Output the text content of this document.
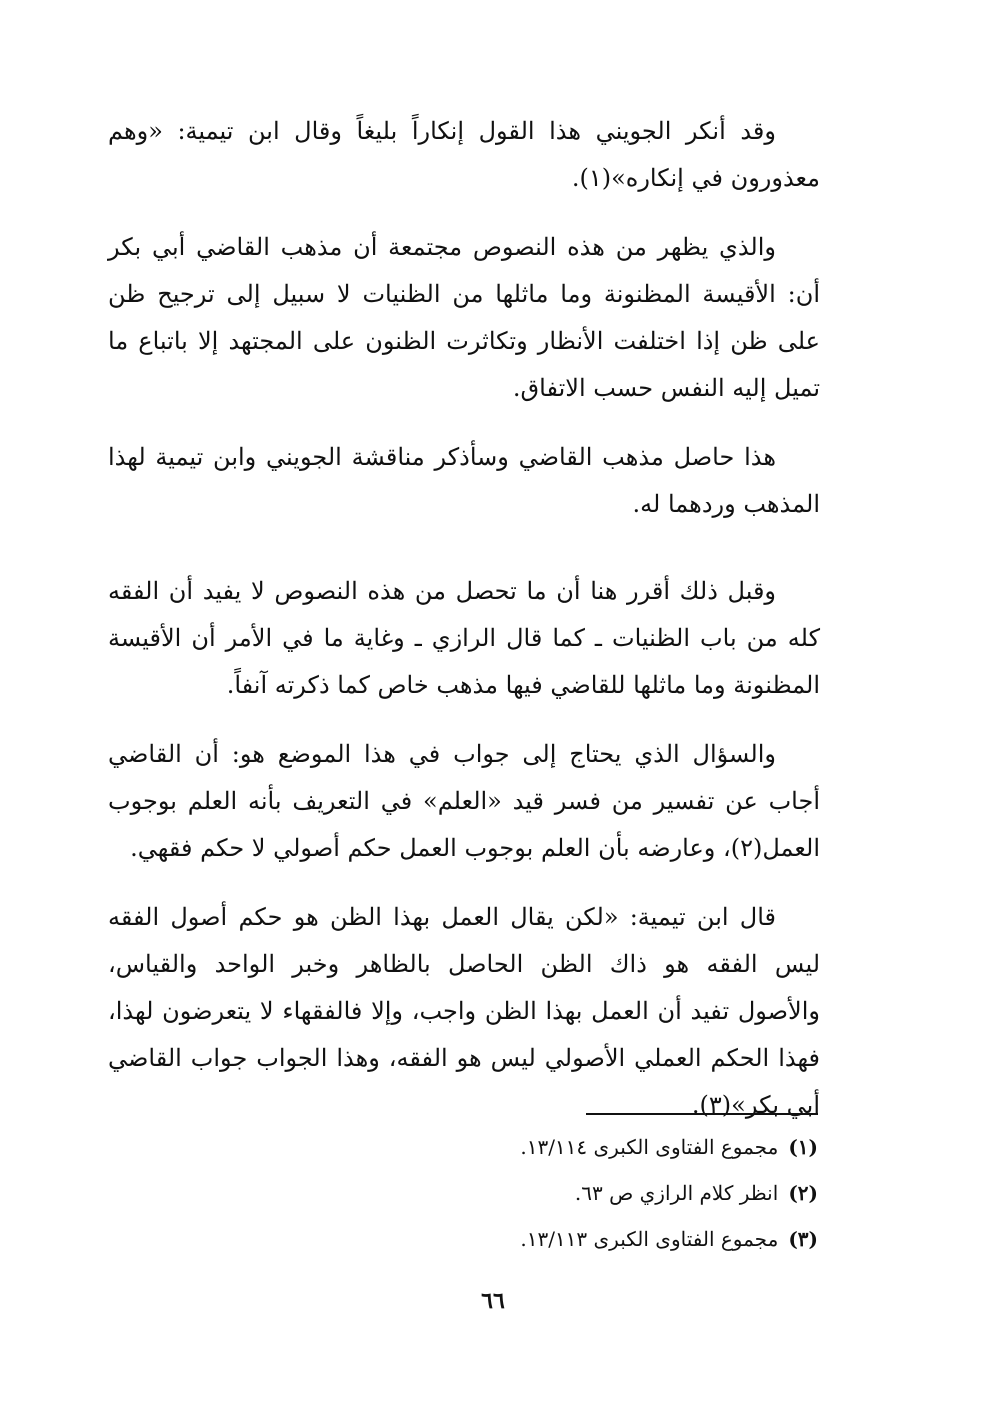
وقد أنكر الجويني هذا القول إنكاراً بليغاً وقال ابن تيمية: «وهم معذورون في إنكاره»(١).

والذي يظهر من هذه النصوص مجتمعة أن مذهب القاضي أبي بكر أن: الأقيسة المظنونة وما ماثلها من الظنيات لا سبيل إلى ترجيح ظن على ظن إذا اختلفت الأنظار وتكاثرت الظنون على المجتهد إلا باتباع ما تميل إليه النفس حسب الاتفاق.

هذا حاصل مذهب القاضي وسأذكر مناقشة الجويني وابن تيمية لهذا المذهب وردهما له.

وقبل ذلك أقرر هنا أن ما تحصل من هذه النصوص لا يفيد أن الفقه كله من باب الظنيات ـ كما قال الرازي ـ وغاية ما في الأمر أن الأقيسة المظنونة وما ماثلها للقاضي فيها مذهب خاص كما ذكرته آنفاً.

والسؤال الذي يحتاج إلى جواب في هذا الموضع هو: أن القاضي أجاب عن تفسير من فسر قيد «العلم» في التعريف بأنه العلم بوجوب العمل(٢)، وعارضه بأن العلم بوجوب العمل حكم أصولي لا حكم فقهي.

قال ابن تيمية: «لكن يقال العمل بهذا الظن هو حكم أصول الفقه ليس الفقه هو ذاك الظن الحاصل بالظاهر وخبر الواحد والقياس، والأصول تفيد أن العمل بهذا الظن واجب، وإلا فالفقهاء لا يتعرضون لهذا، فهذا الحكم العملي الأصولي ليس هو الفقه، وهذا الجواب جواب القاضي أبي بكر»(٣).

(١)مجموع الفتاوى الكبرى ١٣/١١٤.

(٢)انظر كلام الرازي ص ٦٣.

(٣)مجموع الفتاوى الكبرى ١٣/١١٣.

٦٦
